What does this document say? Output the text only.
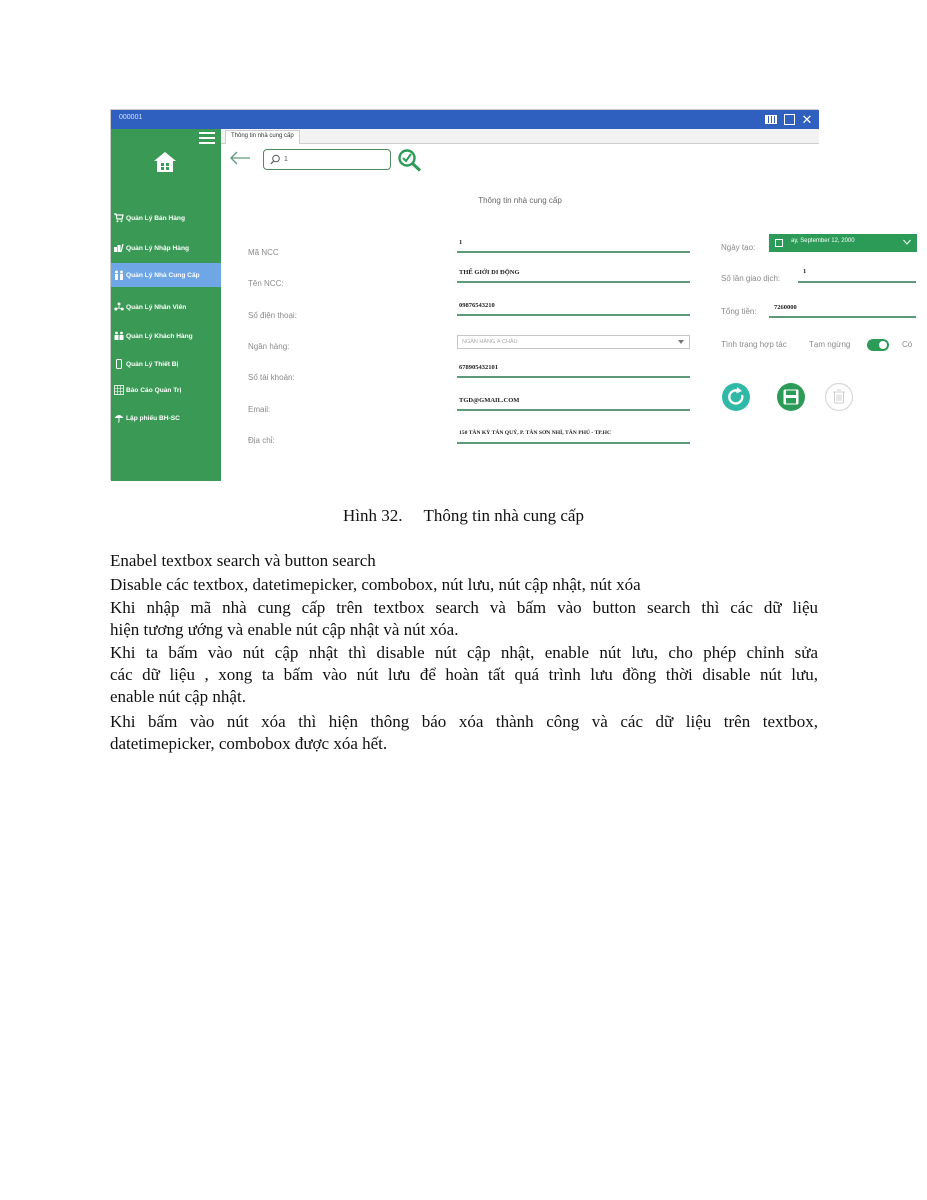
000001	✕
Quản Lý Bán Hàng
Quản Lý Nhập Hàng
Quản Lý Nhà Cung Cấp
Quản Lý Nhân Viên
Quản Lý Khách Hàng
Quản Lý Thiết Bị
Báo Cáo Quản Trị
Lập phiếu BH-SC
Thông tin nhà cung cấp
1
Thông tin nhà cung cấp
Mã NCC
1
Tên NCC:
THẾ GIỚI DI ĐỘNG
Số điện thoại:
09876543210
Ngân hàng:	NGÂN HÀNG Á CHÂU
Số tài khoản:
678905432101
Email:
TGD@GMAIL.COM
Địa chỉ:
150 TÂN KỲ TÂN QUÝ, P. TÂN SƠN NHÌ, TÂN PHÚ - TP.HC
Ngày tạo:
ay, September 12, 2000
Số lần giao dịch:
1
Tổng tiền:	7260000
Tình trạng hợp tác	Tạm ngừng	Có
Hình 32.     Thông tin nhà cung cấp
Enabel textbox search và button search
Disable các textbox, datetimepicker, combobox, nút lưu, nút cập nhật, nút xóa
Khi nhập mã nhà cung cấp trên textbox search và bấm vào button search thì các dữ liệu
hiện tương ướng và enable nút cập nhật và nút xóa.
Khi ta bấm vào nút cập nhật thì disable nút cập nhật, enable nút lưu, cho phép chỉnh sửa
các dữ liệu , xong ta bấm vào nút lưu để hoàn tất quá trình lưu đồng thời disable nút lưu,
enable nút cập nhật.
Khi bấm vào nút xóa thì hiện thông báo xóa thành công và các dữ liệu trên textbox,
datetimepicker, combobox được xóa hết.
